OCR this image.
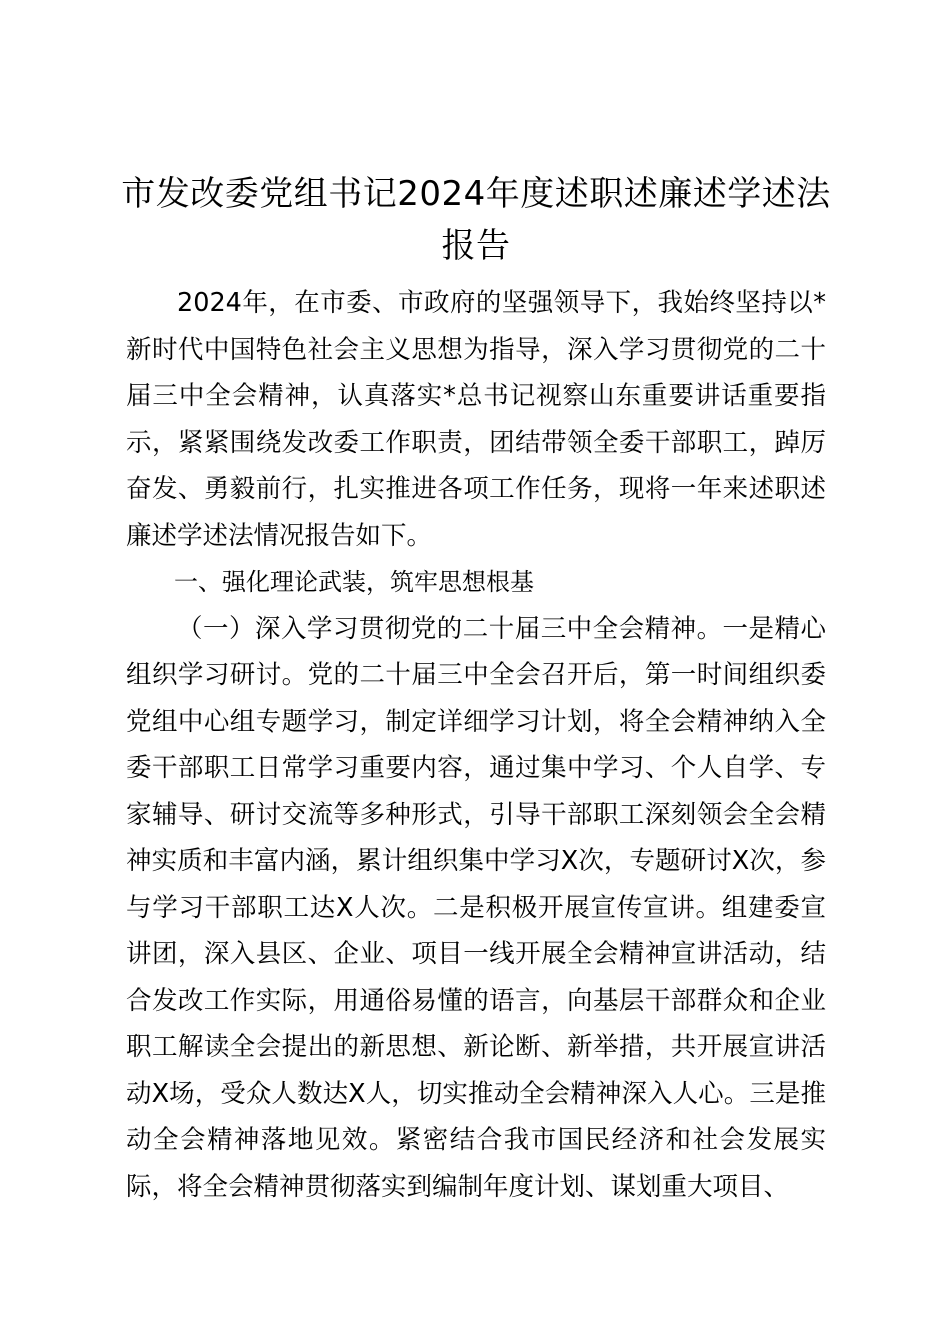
市发改委党组书记2024年度述职述廉述学述法报告

2024年，在市委、市政府的坚强领导下，我始终坚持以*新时代中国特色社会主义思想为指导，深入学习贯彻党的二十届三中全会精神，认真落实*总书记视察山东重要讲话重要指示，紧紧围绕发改委工作职责，团结带领全委干部职工，踔厉奋发、勇毅前行，扎实推进各项工作任务，现将一年来述职述廉述学述法情况报告如下。

一、强化理论武装，筑牢思想根基

（一）深入学习贯彻党的二十届三中全会精神。一是精心组织学习研讨。党的二十届三中全会召开后，第一时间组织委党组中心组专题学习，制定详细学习计划，将全会精神纳入全委干部职工日常学习重要内容，通过集中学习、个人自学、专家辅导、研讨交流等多种形式，引导干部职工深刻领会全会精神实质和丰富内涵，累计组织集中学习X次，专题研讨X次，参与学习干部职工达X人次。二是积极开展宣传宣讲。组建委宣讲团，深入县区、企业、项目一线开展全会精神宣讲活动，结合发改工作实际，用通俗易懂的语言，向基层干部群众和企业职工解读全会提出的新思想、新论断、新举措，共开展宣讲活动X场，受众人数达X人，切实推动全会精神深入人心。三是推动全会精神落地见效。紧密结合我市国民经济和社会发展实际，将全会精神贯彻落实到编制年度计划、谋划重大项目、
